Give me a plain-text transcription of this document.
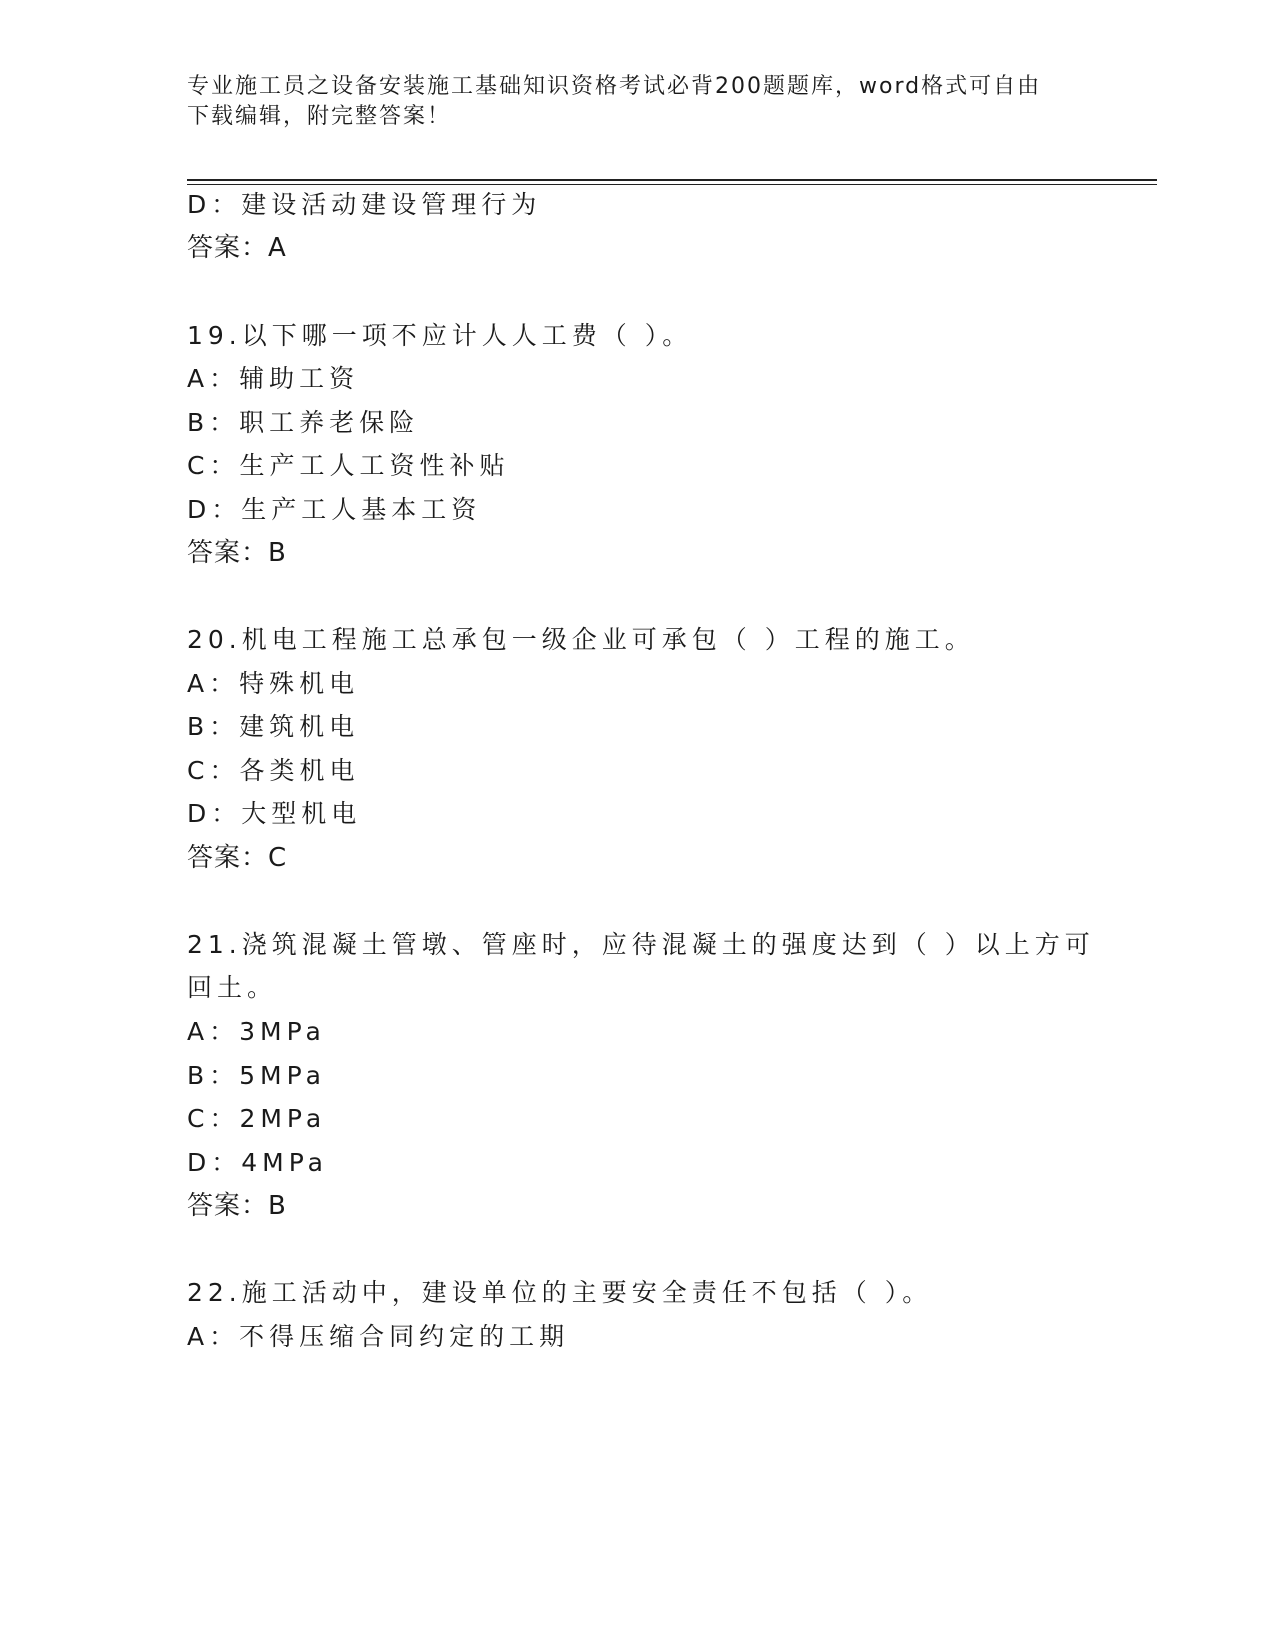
专业施工员之设备安装施工基础知识资格考试必背200题题库，word格式可自由
下载编辑，附完整答案！
D：建设活动建设管理行为
答案：A
19.以下哪一项不应计人人工费（ ）。
A：辅助工资
B：职工养老保险
C：生产工人工资性补贴
D：生产工人基本工资
答案：B
20.机电工程施工总承包一级企业可承包（ ）工程的施工。
A：特殊机电
B：建筑机电
C：各类机电
D：大型机电
答案：C
21.浇筑混凝土管墩、管座时，应待混凝土的强度达到（ ）以上方可
回土。
A：3MPa
B：5MPa
C：2MPa
D：4MPa
答案：B
22.施工活动中，建设单位的主要安全责任不包括（ ）。
A：不得压缩合同约定的工期
